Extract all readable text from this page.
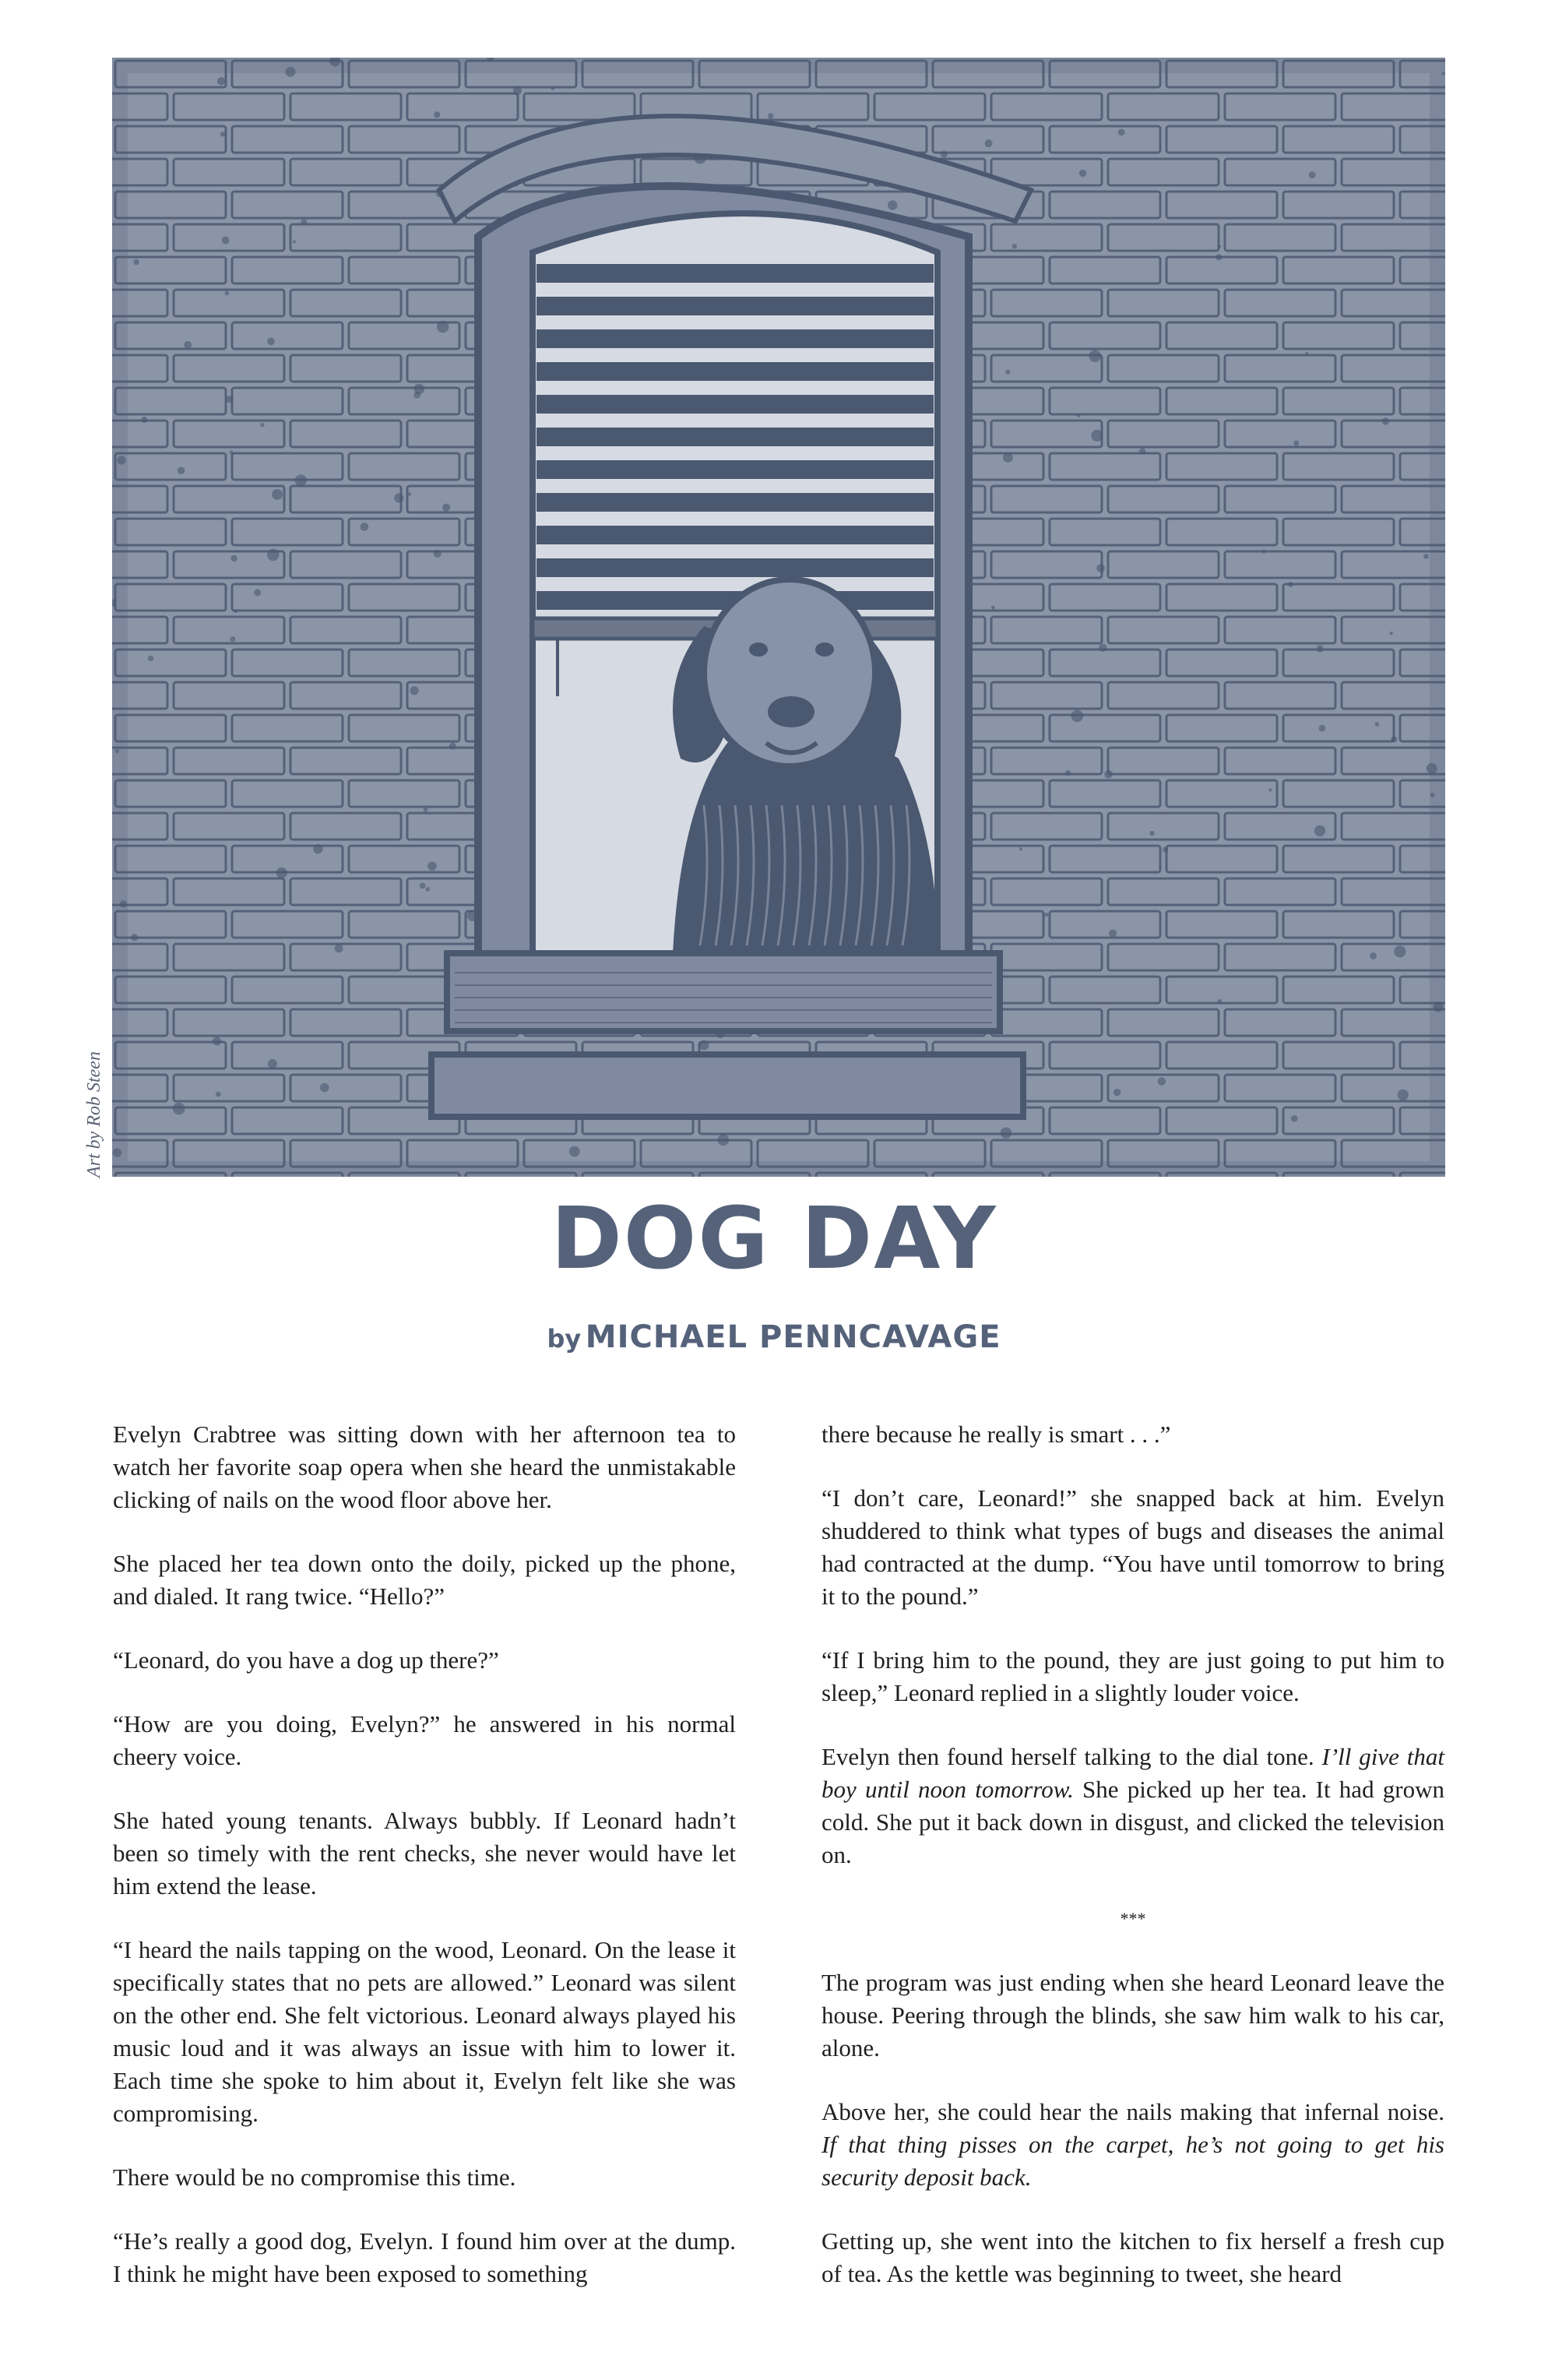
Art by Rob Steen
DOG DAY
by MICHAEL PENNCAVAGE

Evelyn Crabtree was sitting down with her afternoon tea to watch her favorite soap opera when she heard the unmistakable clicking of nails on the wood floor above her.

She placed her tea down onto the doily, picked up the phone, and dialed. It rang twice. “Hello?”

“Leonard, do you have a dog up there?”

“How are you doing, Evelyn?” he answered in his normal cheery voice.

She hated young tenants. Always bubbly. If Leonard hadn’t been so timely with the rent checks, she never would have let him extend the lease.

“I heard the nails tapping on the wood, Leonard. On the lease it specifically states that no pets are allowed.” Leonard was silent on the other end. She felt victorious. Leonard always played his music loud and it was always an issue with him to lower it. Each time she spoke to him about it, Evelyn felt like she was compromising.

There would be no compromise this time.

“He’s really a good dog, Evelyn. I found him over at the dump. I think he might have been exposed to something

there because he really is smart . . .”

“I don’t care, Leonard!” she snapped back at him. Evelyn shuddered to think what types of bugs and diseases the animal had contracted at the dump. “You have until tomorrow to bring it to the pound.”

“If I bring him to the pound, they are just going to put him to sleep,” Leonard replied in a slightly louder voice.

Evelyn then found herself talking to the dial tone. I’ll give that boy until noon tomorrow. She picked up her tea. It had grown cold. She put it back down in disgust, and clicked the television on.

***

The program was just ending when she heard Leonard leave the house. Peering through the blinds, she saw him walk to his car, alone.

Above her, she could hear the nails making that infernal noise. If that thing pisses on the carpet, he’s not going to get his security deposit back.

Getting up, she went into the kitchen to fix herself a fresh cup of tea. As the kettle was beginning to tweet, she heard
